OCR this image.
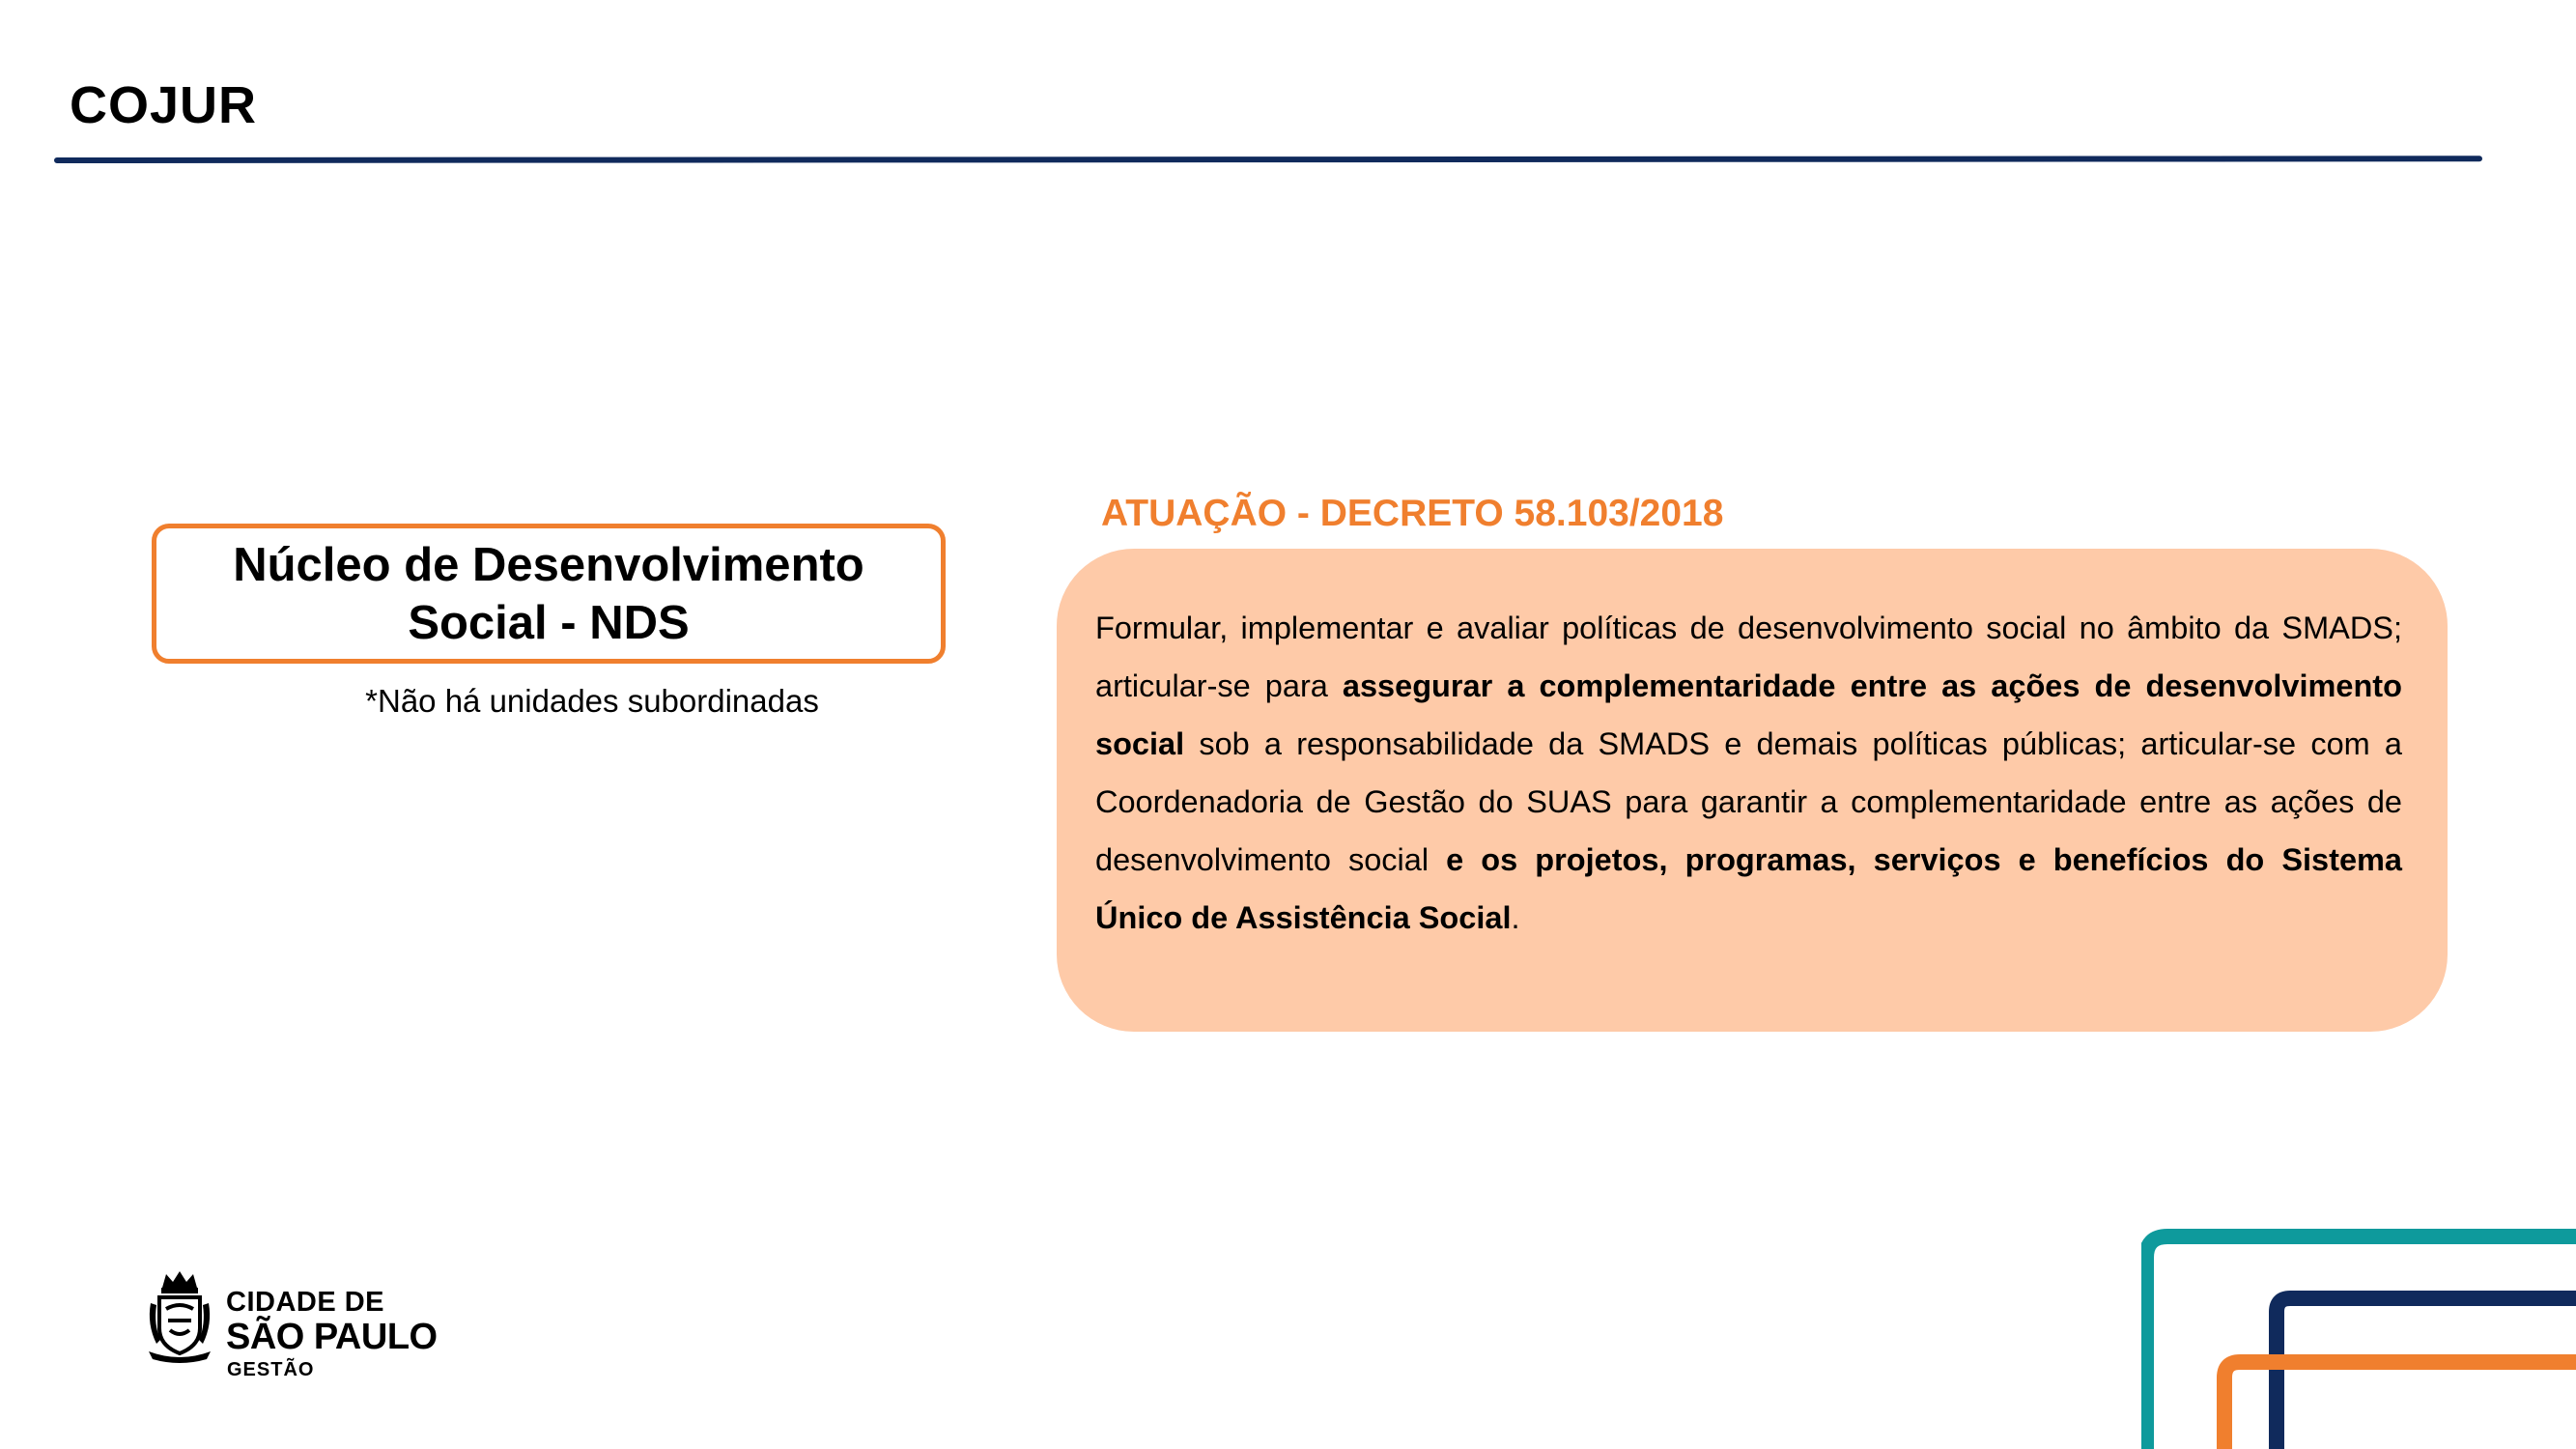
COJUR
Núcleo de Desenvolvimento Social - NDS
*Não há unidades subordinadas
ATUAÇÃO - DECRETO 58.103/2018

Formular, implementar e avaliar políticas de desenvolvimento social no âmbito da SMADS; articular-se para assegurar a complementaridade entre as ações de desenvolvimento social sob a responsabilidade da SMADS e demais políticas públicas; articular-se com a Coordenadoria de Gestão do SUAS para garantir a complementaridade entre as ações de desenvolvimento social e os projetos, programas, serviços e benefícios do Sistema Único de Assistência Social.

CIDADE DE
SÃO PAULO
GESTÃO
